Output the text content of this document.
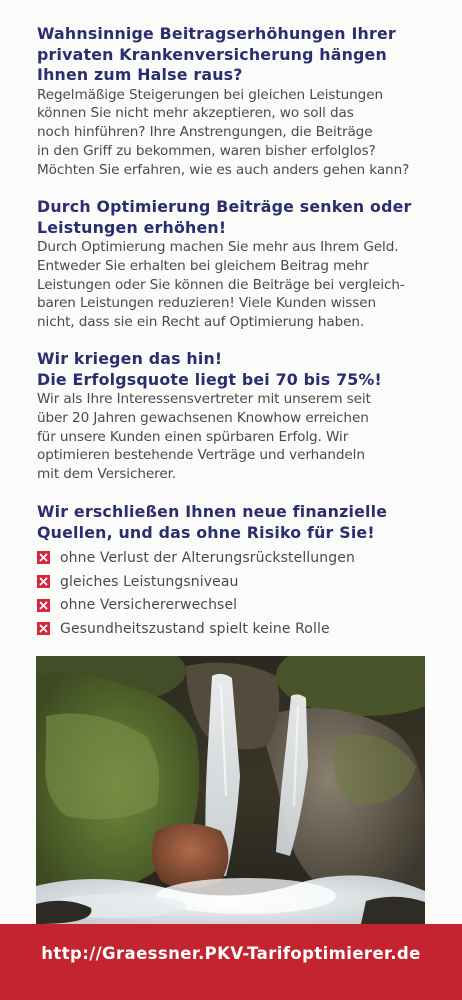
Wahnsinnige Beitragserhöhungen Ihrer
privaten Krankenversicherung hängen
Ihnen zum Halse raus?

Regelmäßige Steigerungen bei gleichen Leistungen
können Sie nicht mehr akzeptieren, wo soll das
noch hinführen? Ihre Anstrengungen, die Beiträge
in den Griff zu bekommen, waren bisher erfolglos?
Möchten Sie erfahren, wie es auch anders gehen kann?

Durch Optimierung Beiträge senken oder
Leistungen erhöhen!

Durch Optimierung machen Sie mehr aus Ihrem Geld.
Entweder Sie erhalten bei gleichem Beitrag mehr
Leistungen oder Sie können die Beiträge bei vergleich-
baren Leistungen reduzieren! Viele Kunden wissen
nicht, dass sie ein Recht auf Optimierung haben.

Wir kriegen das hin!
Die Erfolgsquote liegt bei 70 bis 75%!

Wir als Ihre Interessensvertreter mit unserem seit
über 20 Jahren gewachsenen Knowhow erreichen
für unsere Kunden einen spürbaren Erfolg. Wir
optimieren bestehende Verträge und verhandeln
mit dem Versicherer.

Wir erschließen Ihnen neue finanzielle
Quellen, und das ohne Risiko für Sie!
ohne Verlust der Alterungsrückstellungen
gleiches Leistungsniveau
ohne Versichererwechsel
Gesundheitszustand spielt keine Rolle
http://Graessner.PKV-Tarifoptimierer.de
